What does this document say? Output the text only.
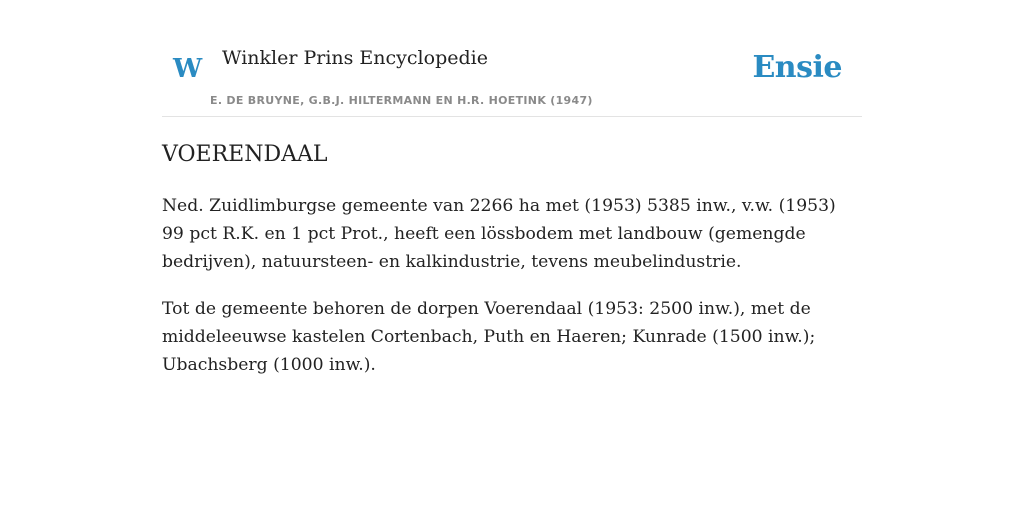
W Winkler Prins Encyclopedie
E. DE BRUYNE, G.B.J. HILTERMANN EN H.R. HOETINK (1947)
Ensie
VOERENDAAL

Ned. Zuidlimburgse gemeente van 2266 ha met (1953) 5385 inw., v.w. (1953) 99 pct R.K. en 1 pct Prot., heeft een lössbodem met landbouw (gemengde bedrijven), natuursteen- en kalkindustrie, tevens meubelindustrie.

Tot de gemeente behoren de dorpen Voerendaal (1953: 2500 inw.), met de middeleeuwse kastelen Cortenbach, Puth en Haeren; Kunrade (1500 inw.); Ubachsberg (1000 inw.).
